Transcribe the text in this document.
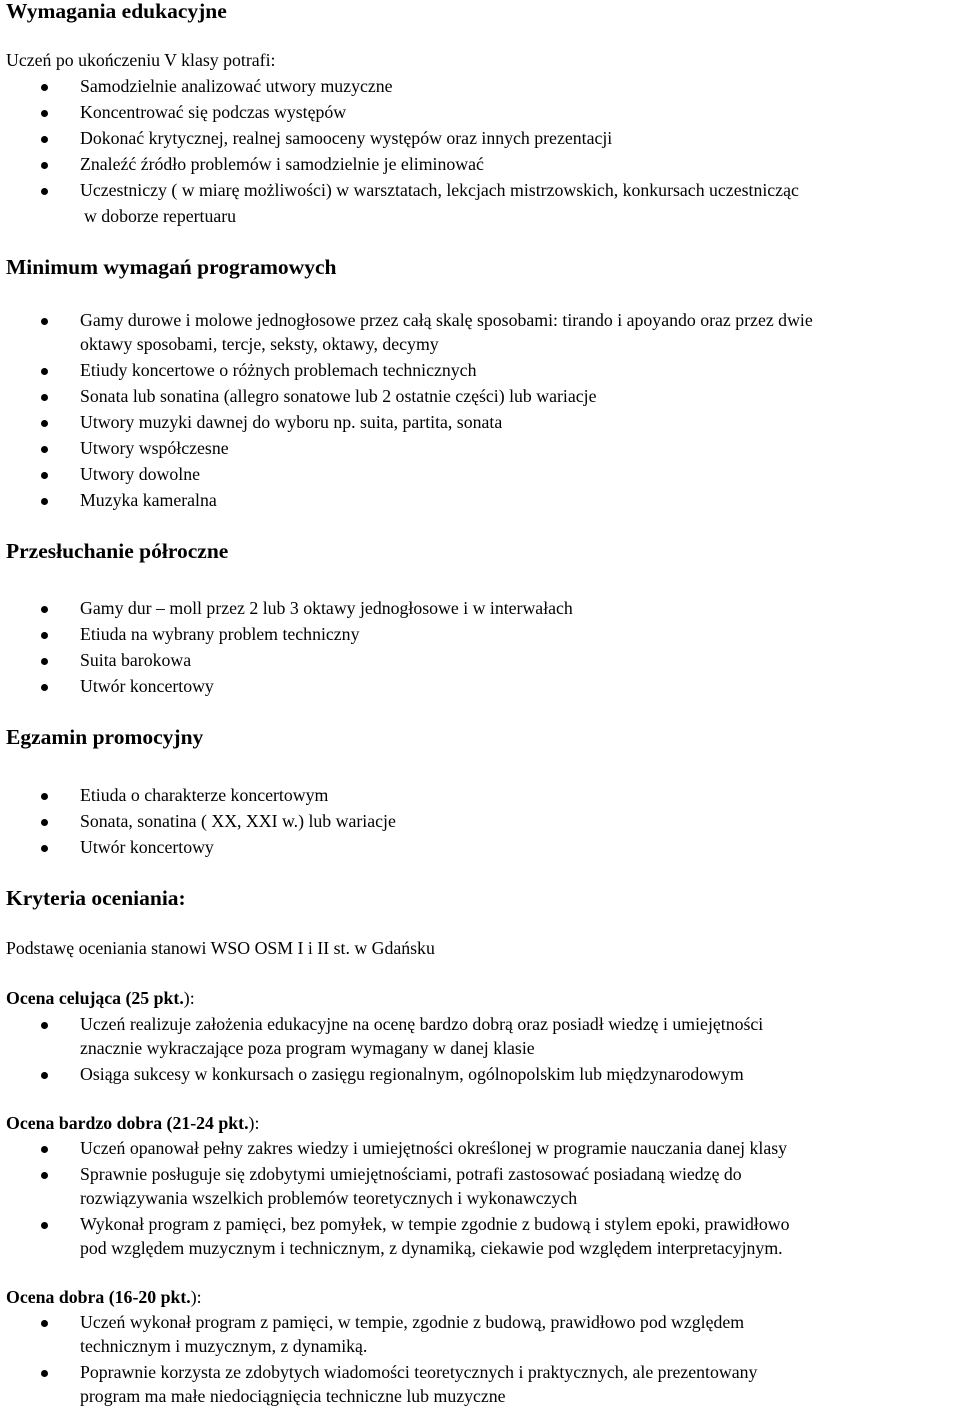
Wymagania edukacyjne
Uczeń po ukończeniu V klasy potrafi:
Samodzielnie analizować utwory muzyczne
Koncentrować się podczas występów
Dokonać krytycznej, realnej samooceny występów oraz innych prezentacji
Znaleźć źródło problemów i samodzielnie je eliminować
Uczestniczy ( w miarę możliwości) w warsztatach, lekcjach mistrzowskich, konkursach uczestnicząc
w doborze repertuaru
Minimum wymagań programowych
Gamy durowe i molowe jednogłosowe przez całą skalę sposobami: tirando i apoyando oraz przez dwie
oktawy sposobami, tercje, seksty, oktawy, decymy
Etiudy koncertowe o różnych problemach technicznych
Sonata lub sonatina (allegro sonatowe lub 2 ostatnie części) lub wariacje
Utwory muzyki dawnej do wyboru np. suita, partita, sonata
Utwory współczesne
Utwory dowolne
Muzyka kameralna
Przesłuchanie półroczne
Gamy dur – moll przez 2 lub 3 oktawy jednogłosowe i w interwałach
Etiuda na wybrany problem techniczny
Suita barokowa
Utwór koncertowy
Egzamin promocyjny
Etiuda o charakterze koncertowym
Sonata, sonatina ( XX, XXI w.) lub wariacje
Utwór koncertowy
Kryteria oceniania:
Podstawę oceniania stanowi WSO OSM I i II st. w Gdańsku
Ocena celująca (25 pkt.):
Uczeń realizuje założenia edukacyjne na ocenę bardzo dobrą oraz posiadł wiedzę i umiejętności
znacznie wykraczające poza program wymagany w danej klasie
Osiąga sukcesy w konkursach o zasięgu regionalnym, ogólnopolskim lub międzynarodowym
Ocena bardzo dobra (21-24 pkt.):
Uczeń opanował pełny zakres wiedzy i umiejętności określonej w programie nauczania danej klasy
Sprawnie posługuje się zdobytymi umiejętnościami, potrafi zastosować posiadaną wiedzę do
rozwiązywania wszelkich problemów teoretycznych i wykonawczych
Wykonał program z pamięci, bez pomyłek, w tempie zgodnie z budową i stylem epoki, prawidłowo
pod względem muzycznym i technicznym, z dynamiką, ciekawie pod względem interpretacyjnym.
Ocena dobra (16-20 pkt.):
Uczeń wykonał program z pamięci, w tempie, zgodnie z budową, prawidłowo pod względem
technicznym i muzycznym, z dynamiką.
Poprawnie korzysta ze zdobytych wiadomości teoretycznych i praktycznych, ale prezentowany
program ma małe niedociągnięcia techniczne lub muzyczne
